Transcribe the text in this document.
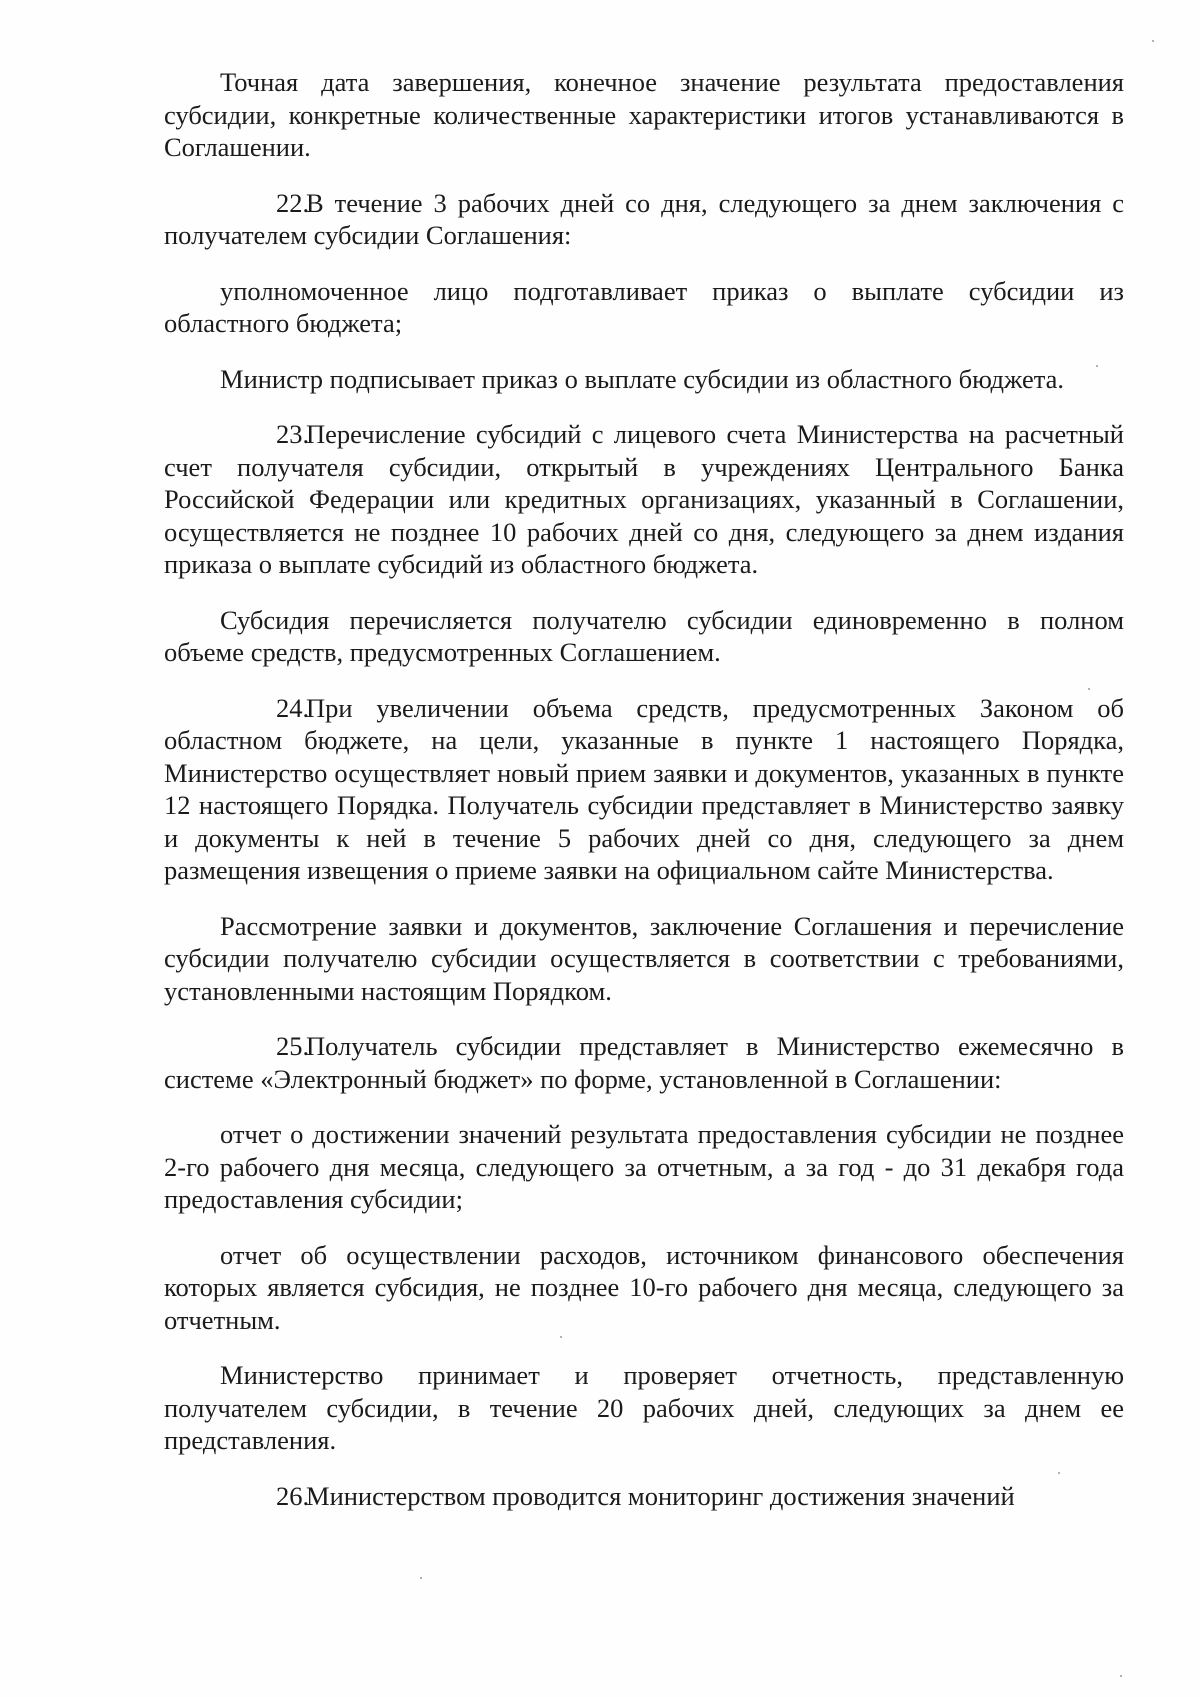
Точная дата завершения, конечное значение результата предоставления субсидии, конкретные количественные характеристики итогов устанавливаются в Соглашении.

22.В течение 3 рабочих дней со дня, следующего за днем заключения с получателем субсидии Соглашения:

уполномоченное лицо подготавливает приказ о выплате субсидии из областного бюджета;

Министр подписывает приказ о выплате субсидии из областного бюджета.

23.Перечисление субсидий с лицевого счета Министерства на расчетный счет получателя субсидии, открытый в учреждениях Центрального Банка Российской Федерации или кредитных организациях, указанный в Соглашении, осуществляется не позднее 10 рабочих дней со дня, следующего за днем издания приказа о выплате субсидий из областного бюджета.

Субсидия перечисляется получателю субсидии единовременно в полном объеме средств, предусмотренных Соглашением.

24.При увеличении объема средств, предусмотренных Законом об областном бюджете, на цели, указанные в пункте 1 настоящего Порядка, Министерство осуществляет новый прием заявки и документов, указанных в пункте 12 настоящего Порядка. Получатель субсидии представляет в Министерство заявку и документы к ней в течение 5 рабочих дней со дня, следующего за днем размещения извещения о приеме заявки на официальном сайте Министерства.

Рассмотрение заявки и документов, заключение Соглашения и перечисление субсидии получателю субсидии осуществляется в соответствии с требованиями, установленными настоящим Порядком.

25.Получатель субсидии представляет в Министерство ежемесячно в системе «Электронный бюджет» по форме, установленной в Соглашении:

отчет о достижении значений результата предоставления субсидии не позднее 2-го рабочего дня месяца, следующего за отчетным, а за год - до 31 декабря года предоставления субсидии;

отчет об осуществлении расходов, источником финансового обеспечения которых является субсидия, не позднее 10-го рабочего дня месяца, следующего за отчетным.

Министерство принимает и проверяет отчетность, представленную получателем субсидии, в течение 20 рабочих дней, следующих за днем ее представления.

26.Министерством проводится мониторинг достижения значений
